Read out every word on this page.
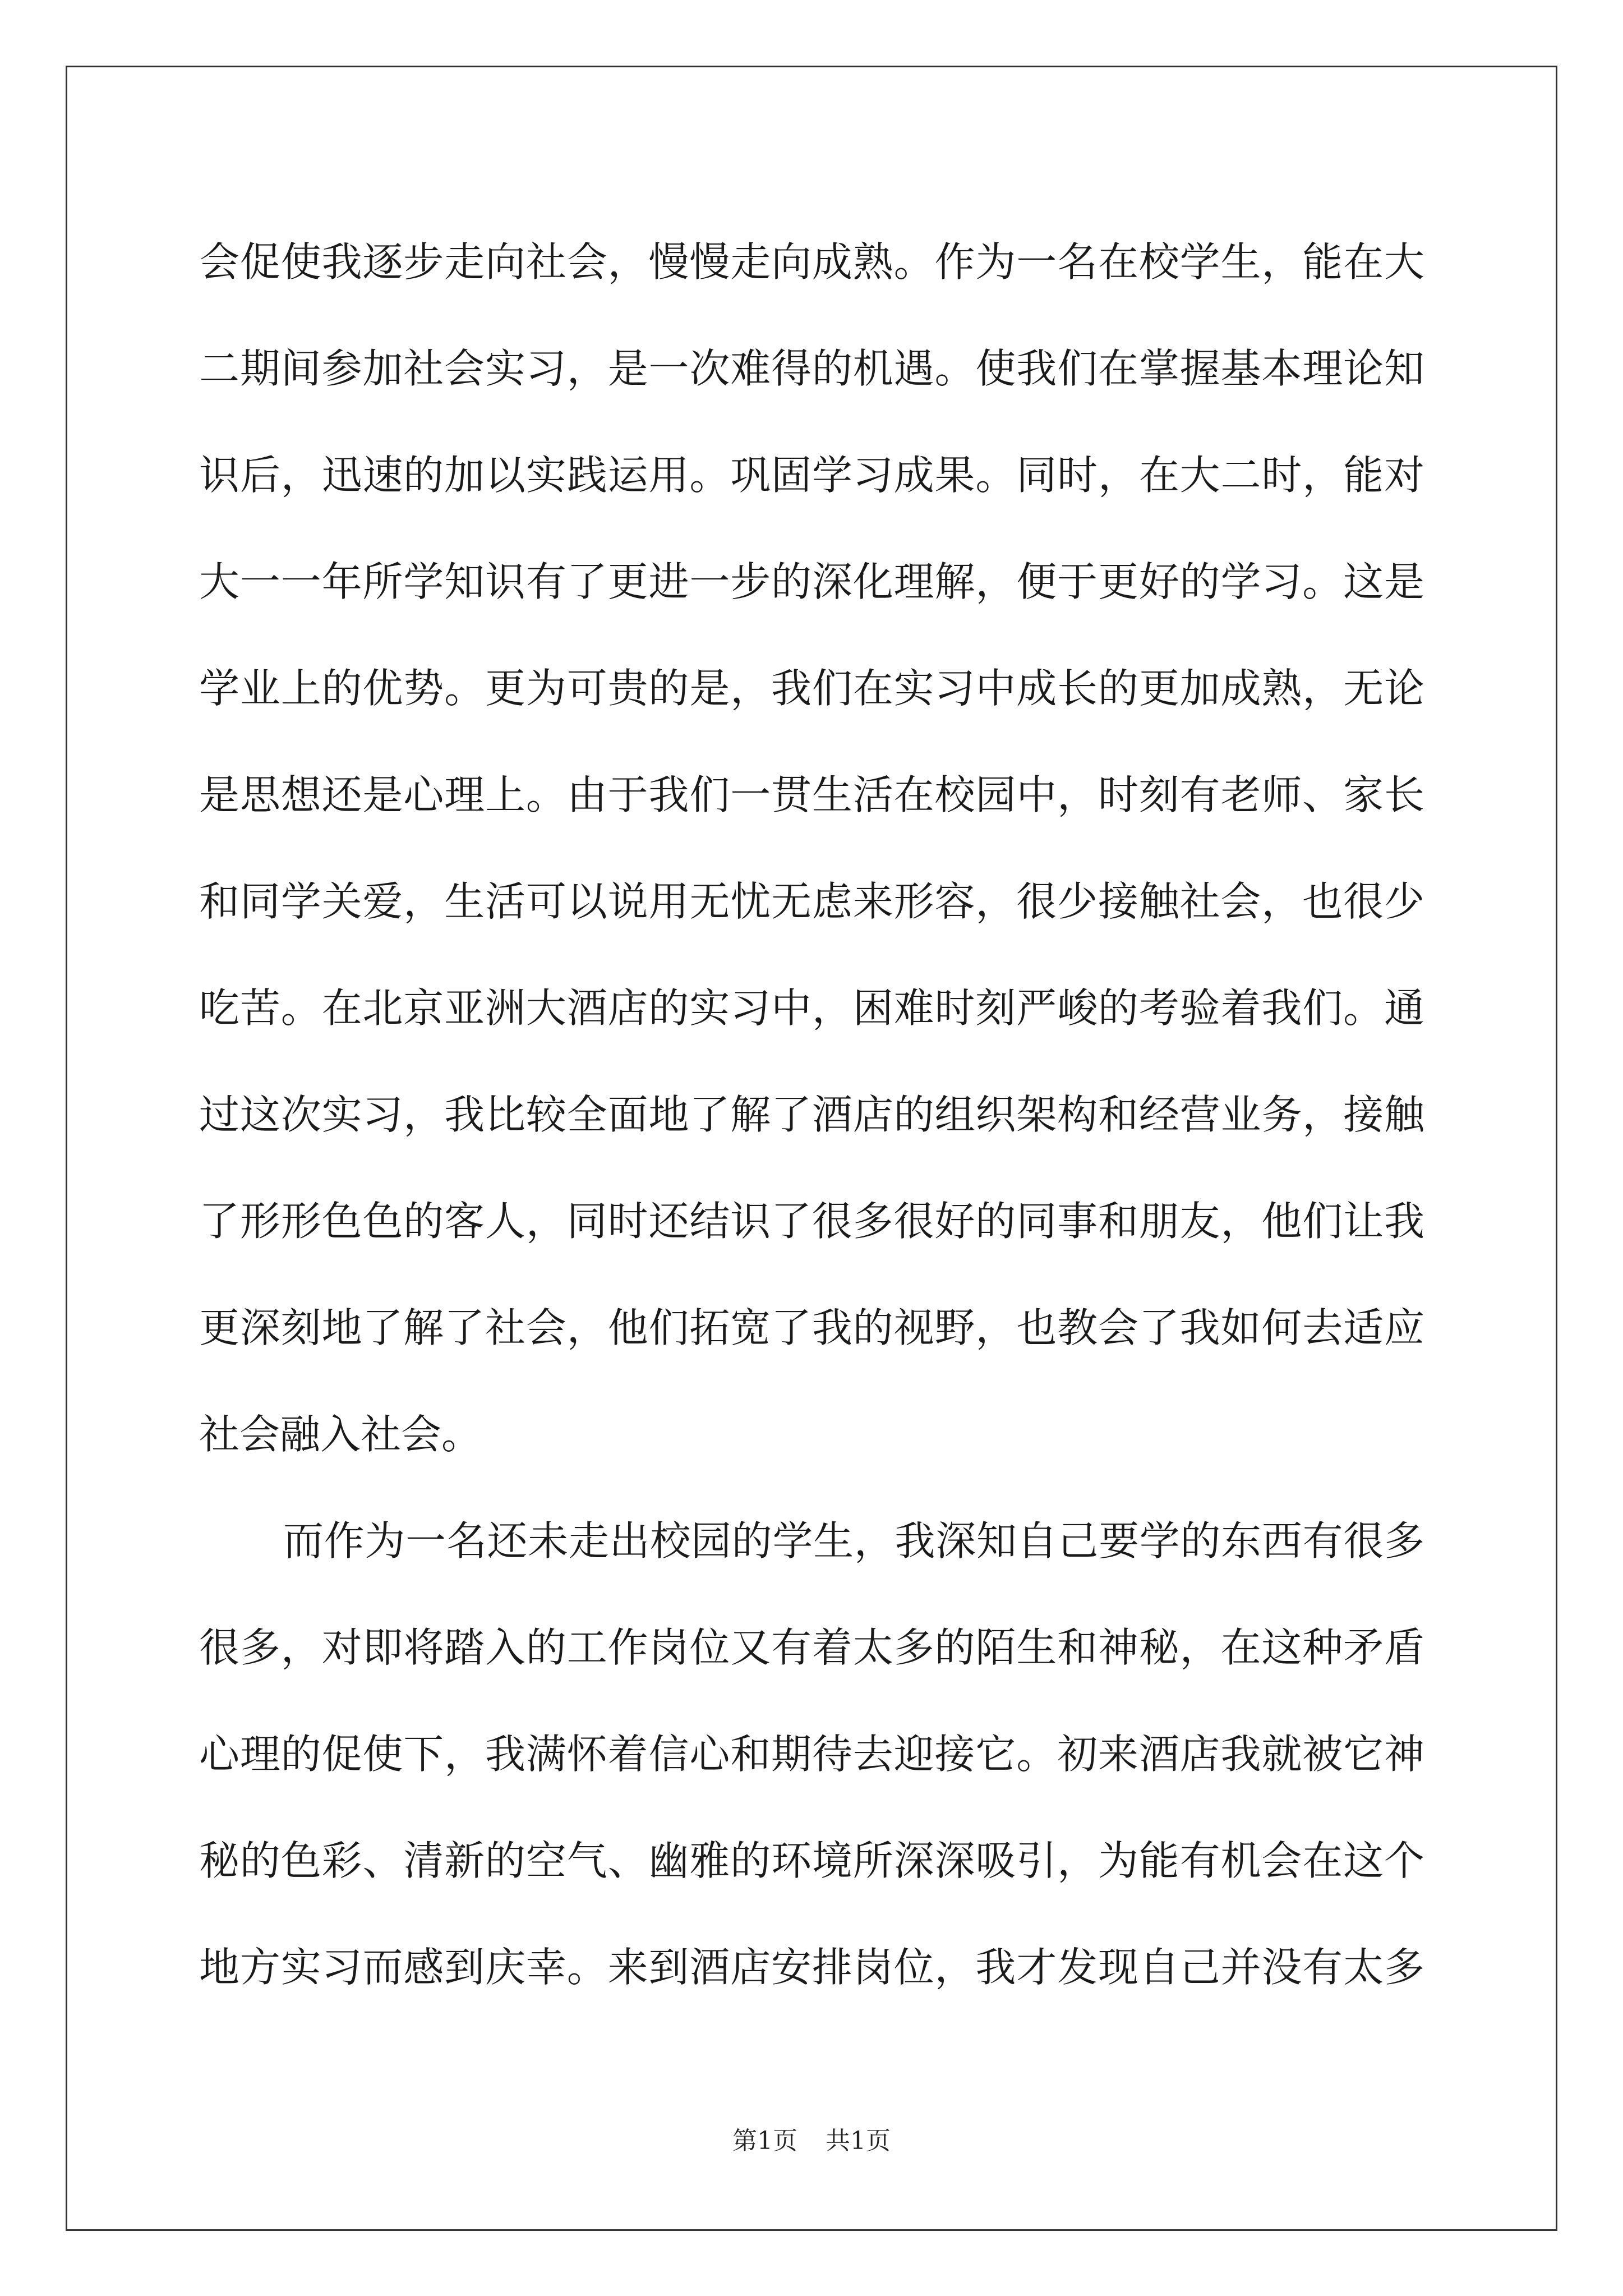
会促使我逐步走向社会，慢慢走向成熟。作为一名在校学生，能在大
二期间参加社会实习，是一次难得的机遇。使我们在掌握基本理论知
识后，迅速的加以实践运用。巩固学习成果。同时，在大二时，能对
大一一年所学知识有了更进一步的深化理解，便于更好的学习。这是
学业上的优势。更为可贵的是，我们在实习中成长的更加成熟，无论
是思想还是心理上。由于我们一贯生活在校园中，时刻有老师、家长
和同学关爱，生活可以说用无忧无虑来形容，很少接触社会，也很少
吃苦。在北京亚洲大酒店的实习中，困难时刻严峻的考验着我们。通
过这次实习，我比较全面地了解了酒店的组织架构和经营业务，接触
了形形色色的客人，同时还结识了很多很好的同事和朋友，他们让我
更深刻地了解了社会，他们拓宽了我的视野，也教会了我如何去适应
社会融入社会。
而作为一名还未走出校园的学生，我深知自己要学的东西有很多
很多，对即将踏入的工作岗位又有着太多的陌生和神秘，在这种矛盾
心理的促使下，我满怀着信心和期待去迎接它。初来酒店我就被它神
秘的色彩、清新的空气、幽雅的环境所深深吸引，为能有机会在这个
地方实习而感到庆幸。来到酒店安排岗位，我才发现自己并没有太多
第1页 共1页
